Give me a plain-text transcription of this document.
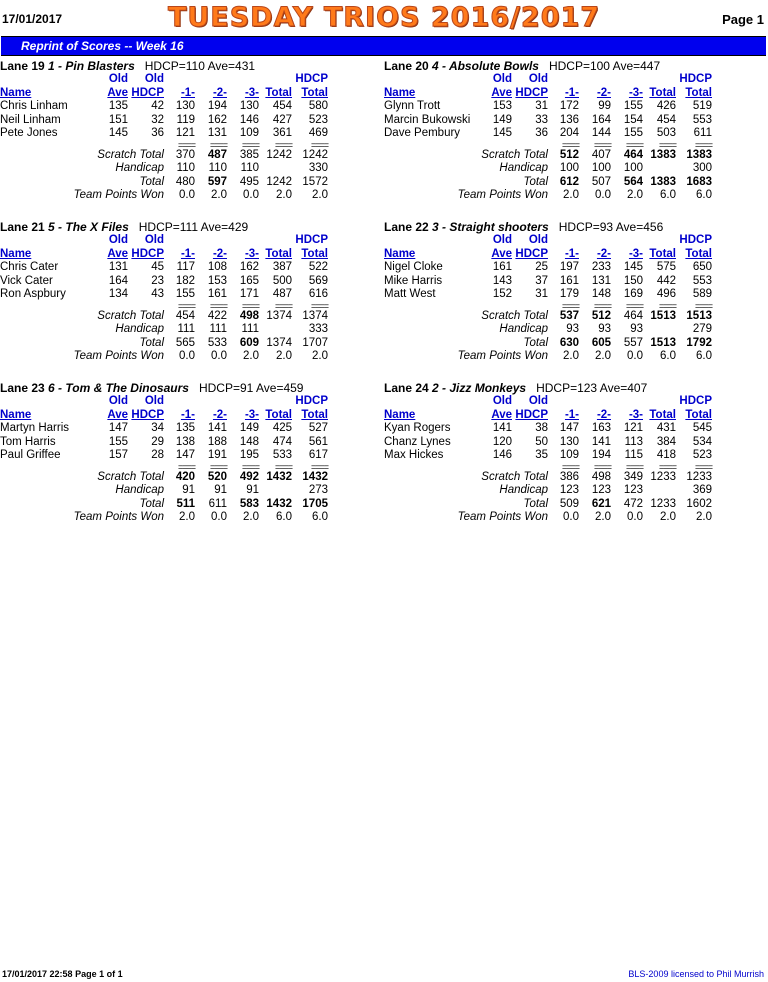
17/01/2017	TUESDAY TRIOS 2016/2017	Page 1
Reprint of Scores -- Week 16
Lane 19 1 - Pin Blasters HDCP=110 Ave=431
	Old	Old					HDCP
Name	Ave	HDCP	-1-	-2-	-3-	Total	Total
Chris Linham	135	42	130	194	130	454	580
Neil Linham	151	32	119	162	146	427	523
Pete Jones	145	36	121	131	109	361	469
			====	====	====	====	====
Scratch Total			370	487	385	1242	1242
Handicap			110	110	110		330
Total			480	597	495	1242	1572
Team Points Won			0.0	2.0	0.0	2.0	2.0
Lane 20 4 - Absolute Bowls HDCP=100 Ave=447
	Old	Old					HDCP
Name	Ave	HDCP	-1-	-2-	-3-	Total	Total
Glynn Trott	153	31	172	99	155	426	519
Marcin Bukowski	149	33	136	164	154	454	553
Dave Pembury	145	36	204	144	155	503	611
			====	====	====	====	====
Scratch Total			512	407	464	1383	1383
Handicap			100	100	100		300
Total			612	507	564	1383	1683
Team Points Won			2.0	0.0	2.0	6.0	6.0
Lane 21 5 - The X Files HDCP=111 Ave=429
	Old	Old					HDCP
Name	Ave	HDCP	-1-	-2-	-3-	Total	Total
Chris Cater	131	45	117	108	162	387	522
Vick Cater	164	23	182	153	165	500	569
Ron Aspbury	134	43	155	161	171	487	616
			====	====	====	====	====
Scratch Total			454	422	498	1374	1374
Handicap			111	111	111		333
Total			565	533	609	1374	1707
Team Points Won			0.0	0.0	2.0	2.0	2.0
Lane 22 3 - Straight shooters HDCP=93 Ave=456
	Old	Old					HDCP
Name	Ave	HDCP	-1-	-2-	-3-	Total	Total
Nigel Cloke	161	25	197	233	145	575	650
Mike Harris	143	37	161	131	150	442	553
Matt West	152	31	179	148	169	496	589
			====	====	====	====	====
Scratch Total			537	512	464	1513	1513
Handicap			93	93	93		279
Total			630	605	557	1513	1792
Team Points Won			2.0	2.0	0.0	6.0	6.0
Lane 23 6 - Tom & The Dinosaurs HDCP=91 Ave=459
	Old	Old					HDCP
Name	Ave	HDCP	-1-	-2-	-3-	Total	Total
Martyn Harris	147	34	135	141	149	425	527
Tom Harris	155	29	138	188	148	474	561
Paul Griffee	157	28	147	191	195	533	617
			====	====	====	====	====
Scratch Total			420	520	492	1432	1432
Handicap			91	91	91		273
Total			511	611	583	1432	1705
Team Points Won			2.0	0.0	2.0	6.0	6.0
Lane 24 2 - Jizz Monkeys HDCP=123 Ave=407
	Old	Old					HDCP
Name	Ave	HDCP	-1-	-2-	-3-	Total	Total
Kyan Rogers	141	38	147	163	121	431	545
Chanz Lynes	120	50	130	141	113	384	534
Max Hickes	146	35	109	194	115	418	523
			====	====	====	====	====
Scratch Total			386	498	349	1233	1233
Handicap			123	123	123		369
Total			509	621	472	1233	1602
Team Points Won			0.0	2.0	0.0	2.0	2.0
17/01/2017 22:58 Page 1 of 1	BLS-2009 licensed to Phil Murrish
